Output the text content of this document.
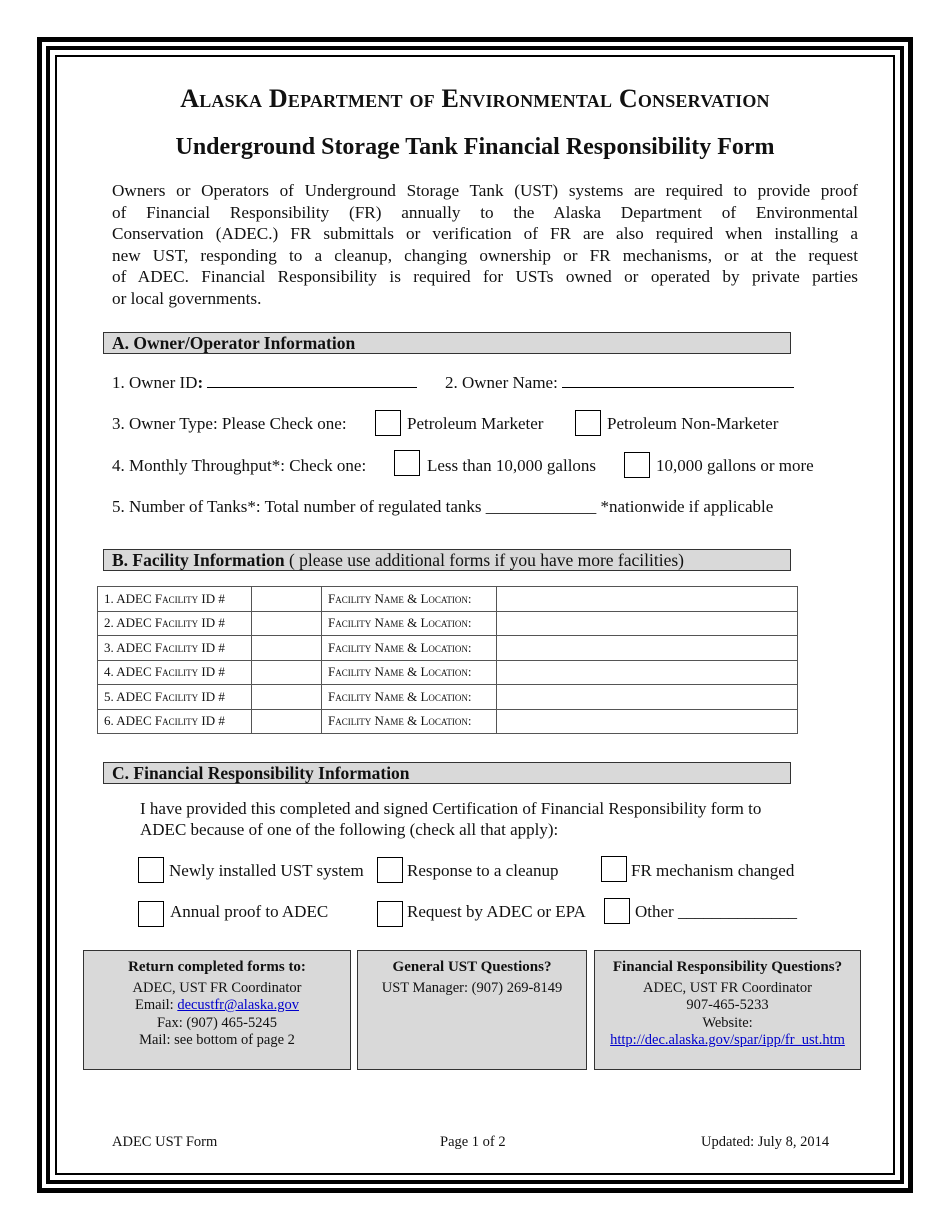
Alaska Department of Environmental Conservation
Underground Storage Tank Financial Responsibility Form
Owners or Operators of Underground Storage Tank (UST) systems are required to provide proof
of Financial Responsibility (FR) annually to the Alaska Department of Environmental
Conservation (ADEC.) FR submittals or verification of FR are also required when installing a
new UST, responding to a cleanup, changing ownership or FR mechanisms, or at the request
of ADEC. Financial Responsibility is required for USTs owned or operated by private parties
or local governments.
A. Owner/Operator Information
1. Owner ID:	2. Owner Name:
3. Owner Type: Please Check one:	Petroleum Marketer	Petroleum Non-Marketer
4. Monthly Throughput*: Check one:	Less than 10,000 gallons	10,000 gallons or more
5. Number of Tanks*: Total number of regulated tanks _____________ *nationwide if applicable
B. Facility Information ( please use additional forms if you have more facilities)
1. ADEC Facility ID #		Facility Name & Location:	
2. ADEC Facility ID #		Facility Name & Location:	
3. ADEC Facility ID #		Facility Name & Location:	
4. ADEC Facility ID #		Facility Name & Location:	
5. ADEC Facility ID #		Facility Name & Location:	
6. ADEC Facility ID #		Facility Name & Location:	
C. Financial Responsibility Information
I have provided this completed and signed Certification of Financial Responsibility form to
ADEC because of one of the following (check all that apply):
Newly installed UST system	Response to a cleanup	FR mechanism changed
Annual proof to ADEC	Request by ADEC or EPA	Other ______________
Return completed forms to:
ADEC, UST FR Coordinator
Email: decustfr@alaska.gov
Fax: (907) 465-5245
Mail: see bottom of page 2
General UST Questions?
UST Manager: (907) 269-8149
Financial Responsibility Questions?
ADEC, UST FR Coordinator
907-465-5233
Website:
http://dec.alaska.gov/spar/ipp/fr_ust.htm
ADEC UST Form	Page 1 of 2	Updated: July 8, 2014
